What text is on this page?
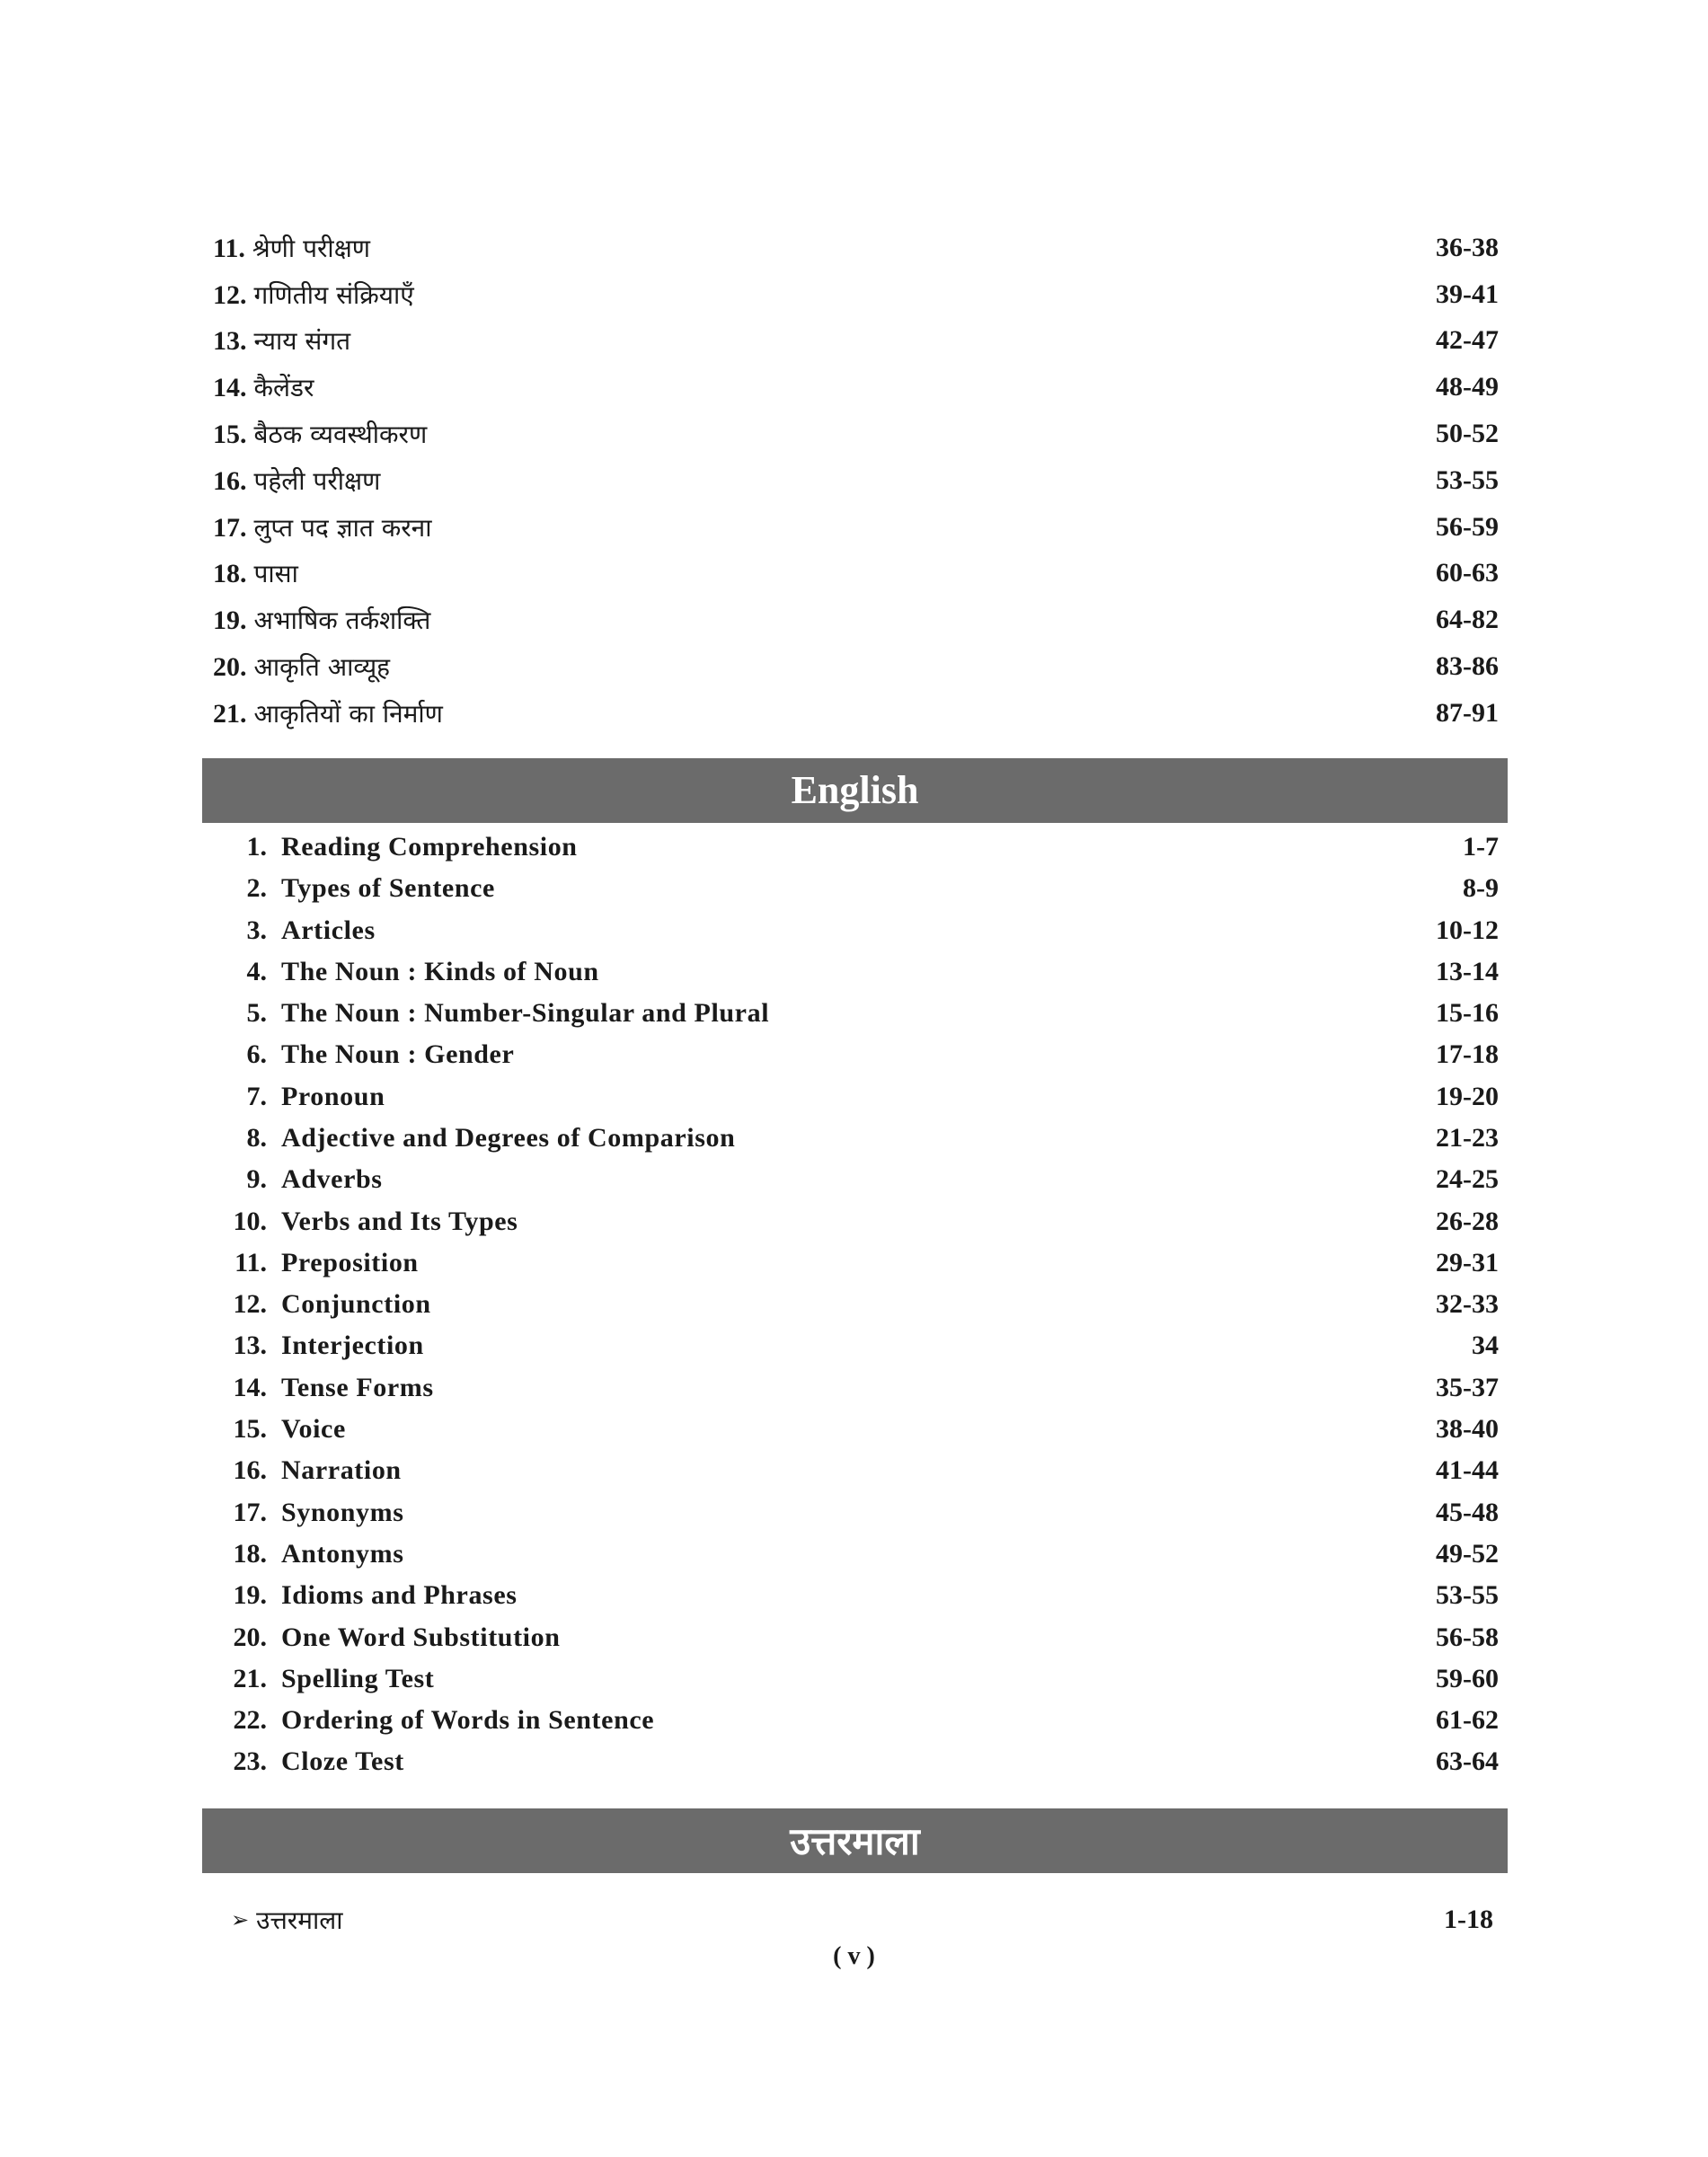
11. श्रेणी परीक्षण	36-38
12. गणितीय संक्रियाएँ	39-41
13. न्याय संगत	42-47
14. कैलेंडर	48-49
15. बैठक व्यवस्थीकरण	50-52
16. पहेली परीक्षण	53-55
17. लुप्त पद ज्ञात करना	56-59
18. पासा	60-63
19. अभाषिक तर्कशक्ति	64-82
20. आकृति आव्यूह	83-86
21. आकृतियों का निर्माण	87-91
English
1. Reading Comprehension	1-7
2. Types of Sentence	8-9
3. Articles	10-12
4. The Noun : Kinds of Noun	13-14
5. The Noun : Number-Singular and Plural	15-16
6. The Noun : Gender	17-18
7. Pronoun	19-20
8. Adjective and Degrees of Comparison	21-23
9. Adverbs	24-25
10. Verbs and Its Types	26-28
11. Preposition	29-31
12. Conjunction	32-33
13. Interjection	34
14. Tense Forms	35-37
15. Voice	38-40
16. Narration	41-44
17. Synonyms	45-48
18. Antonyms	49-52
19. Idioms and Phrases	53-55
20. One Word Substitution	56-58
21. Spelling Test	59-60
22. Ordering of Words in Sentence	61-62
23. Cloze Test	63-64
उत्तरमाला
➢ उत्तरमाला	1-18
( v )
